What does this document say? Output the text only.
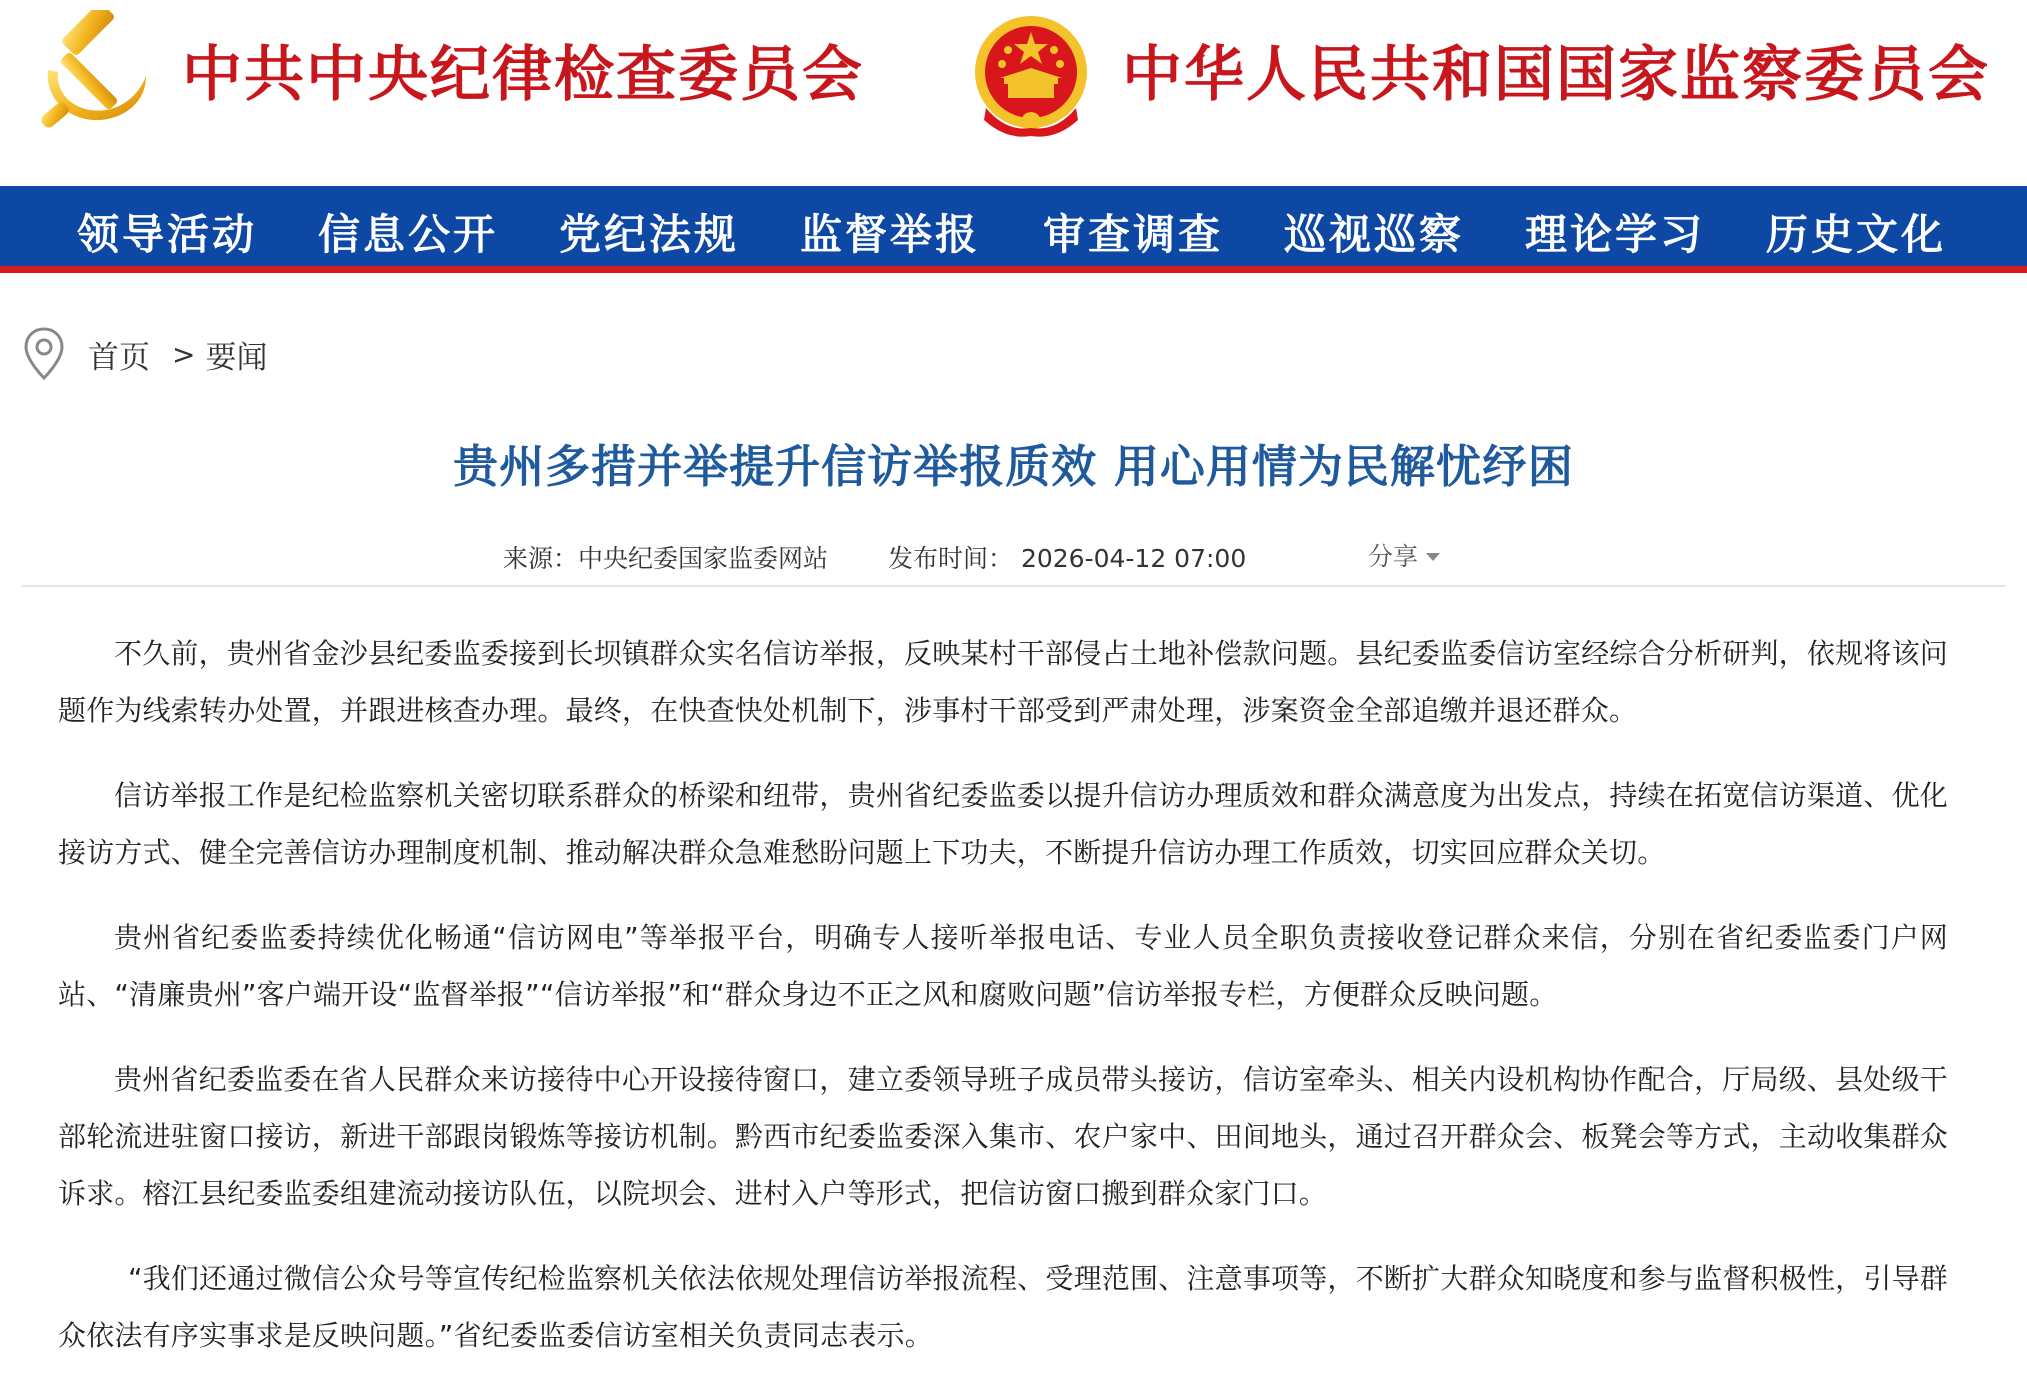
中共中央纪律检查委员会	中华人民共和国国家监察委员会
领导活动 信息公开 党纪法规 监督举报 审查调查 巡视巡察 理论学习 历史文化
首页 > 要闻
贵州多措并举提升信访举报质效 用心用情为民解忧纾困
来源：中央纪委国家监委网站 发布时间： 2026-04-12 07:00	分享

不久前，贵州省金沙县纪委监委接到长坝镇群众实名信访举报，反映某村干部侵占土地补偿款问题。县纪委监委信访室经综合分析研判，依规将该问题作为线索转办处置，并跟进核查办理。最终，在快查快处机制下，涉事村干部受到严肃处理，涉案资金全部追缴并退还群众。

信访举报工作是纪检监察机关密切联系群众的桥梁和纽带，贵州省纪委监委以提升信访办理质效和群众满意度为出发点，持续在拓宽信访渠道、优化接访方式、健全完善信访办理制度机制、推动解决群众急难愁盼问题上下功夫，不断提升信访办理工作质效，切实回应群众关切。

贵州省纪委监委持续优化畅通“信访网电”等举报平台，明确专人接听举报电话、专业人员全职负责接收登记群众来信，分别在省纪委监委门户网站、“清廉贵州”客户端开设“监督举报”“信访举报”和“群众身边不正之风和腐败问题”信访举报专栏，方便群众反映问题。

贵州省纪委监委在省人民群众来访接待中心开设接待窗口，建立委领导班子成员带头接访，信访室牵头、相关内设机构协作配合，厅局级、县处级干部轮流进驻窗口接访，新进干部跟岗锻炼等接访机制。黔西市纪委监委深入集市、农户家中、田间地头，通过召开群众会、板凳会等方式，主动收集群众诉求。榕江县纪委监委组建流动接访队伍，以院坝会、进村入户等形式，把信访窗口搬到群众家门口。

“我们还通过微信公众号等宣传纪检监察机关依法依规处理信访举报流程、受理范围、注意事项等，不断扩大群众知晓度和参与监督积极性，引导群众依法有序实事求是反映问题。”省纪委监委信访室相关负责同志表示。
